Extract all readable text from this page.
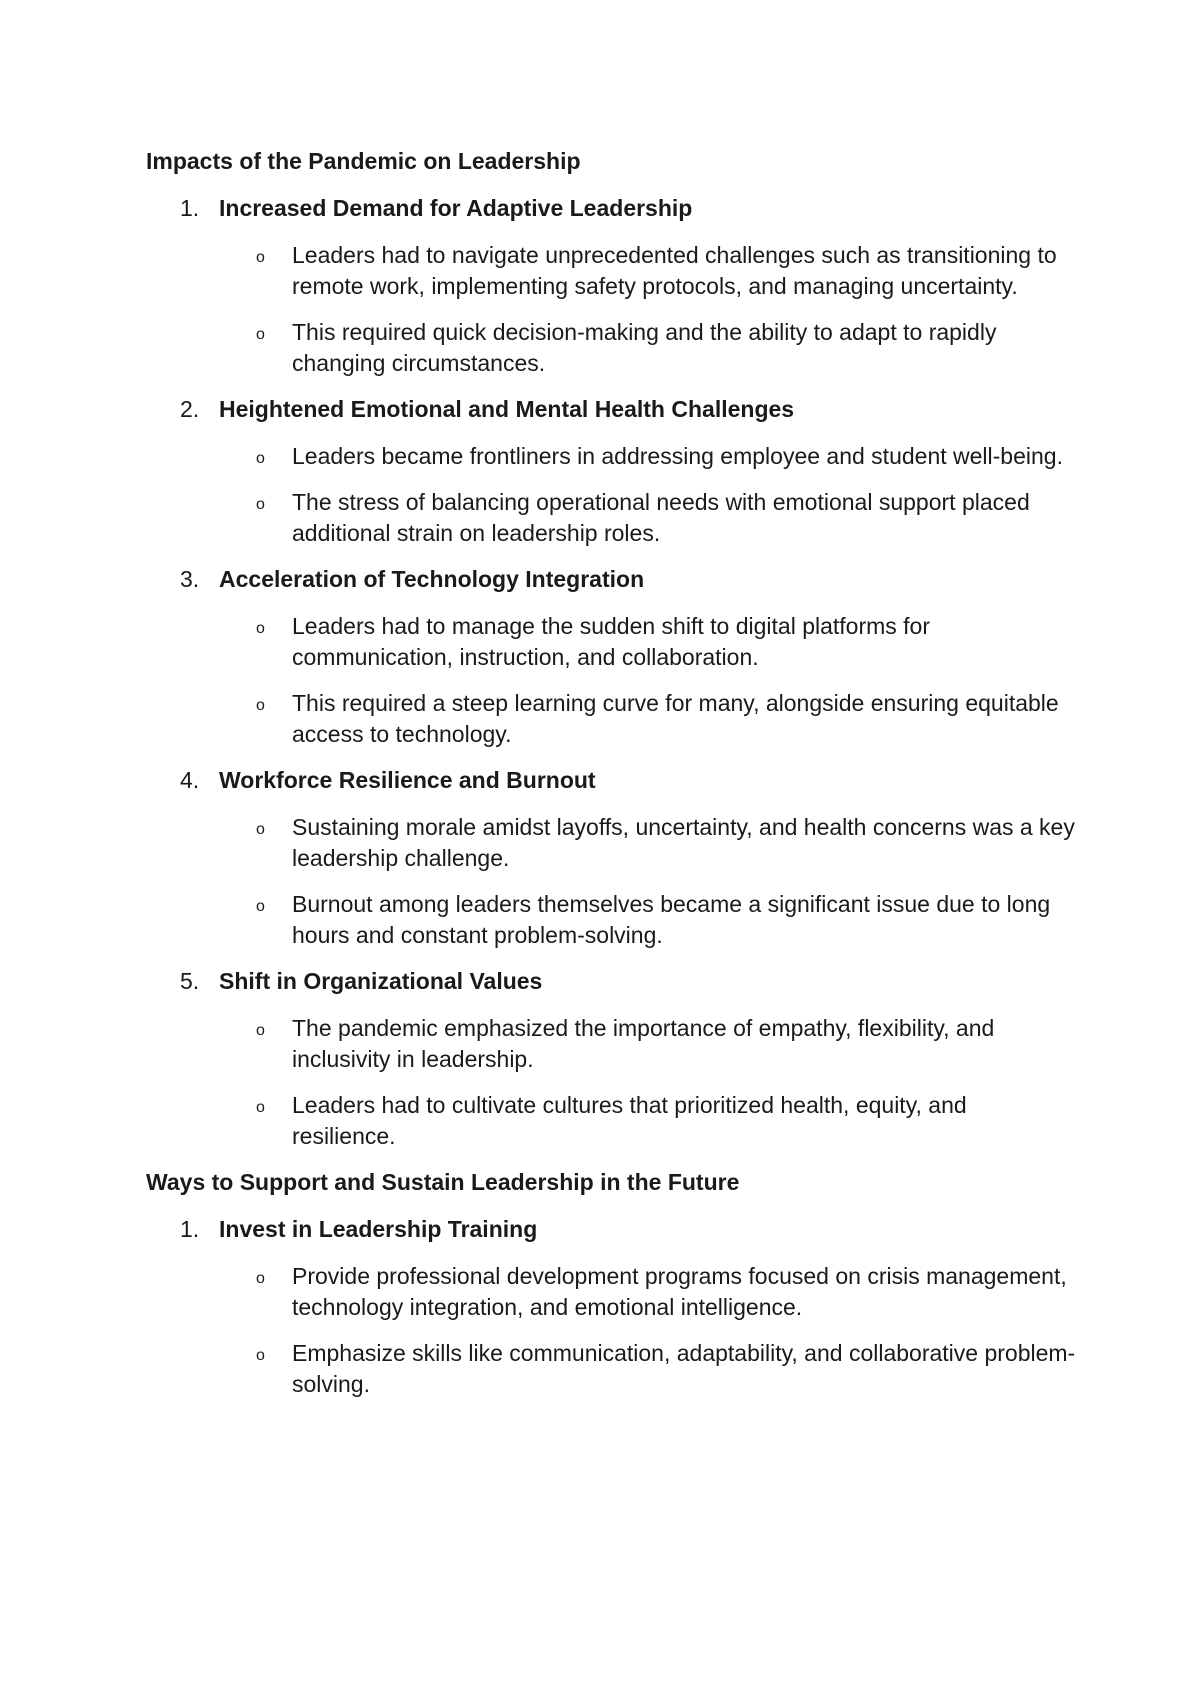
Impacts of the Pandemic on Leadership
1. Increased Demand for Adaptive Leadership
o Leaders had to navigate unprecedented challenges such as transitioning to remote work, implementing safety protocols, and managing uncertainty.
o This required quick decision-making and the ability to adapt to rapidly changing circumstances.
2. Heightened Emotional and Mental Health Challenges
o Leaders became frontliners in addressing employee and student well-being.
o The stress of balancing operational needs with emotional support placed additional strain on leadership roles.
3. Acceleration of Technology Integration
o Leaders had to manage the sudden shift to digital platforms for communication, instruction, and collaboration.
o This required a steep learning curve for many, alongside ensuring equitable access to technology.
4. Workforce Resilience and Burnout
o Sustaining morale amidst layoffs, uncertainty, and health concerns was a key leadership challenge.
o Burnout among leaders themselves became a significant issue due to long hours and constant problem-solving.
5. Shift in Organizational Values
o The pandemic emphasized the importance of empathy, flexibility, and inclusivity in leadership.
o Leaders had to cultivate cultures that prioritized health, equity, and resilience.
Ways to Support and Sustain Leadership in the Future
1. Invest in Leadership Training
o Provide professional development programs focused on crisis management, technology integration, and emotional intelligence.
o Emphasize skills like communication, adaptability, and collaborative problem-solving.
